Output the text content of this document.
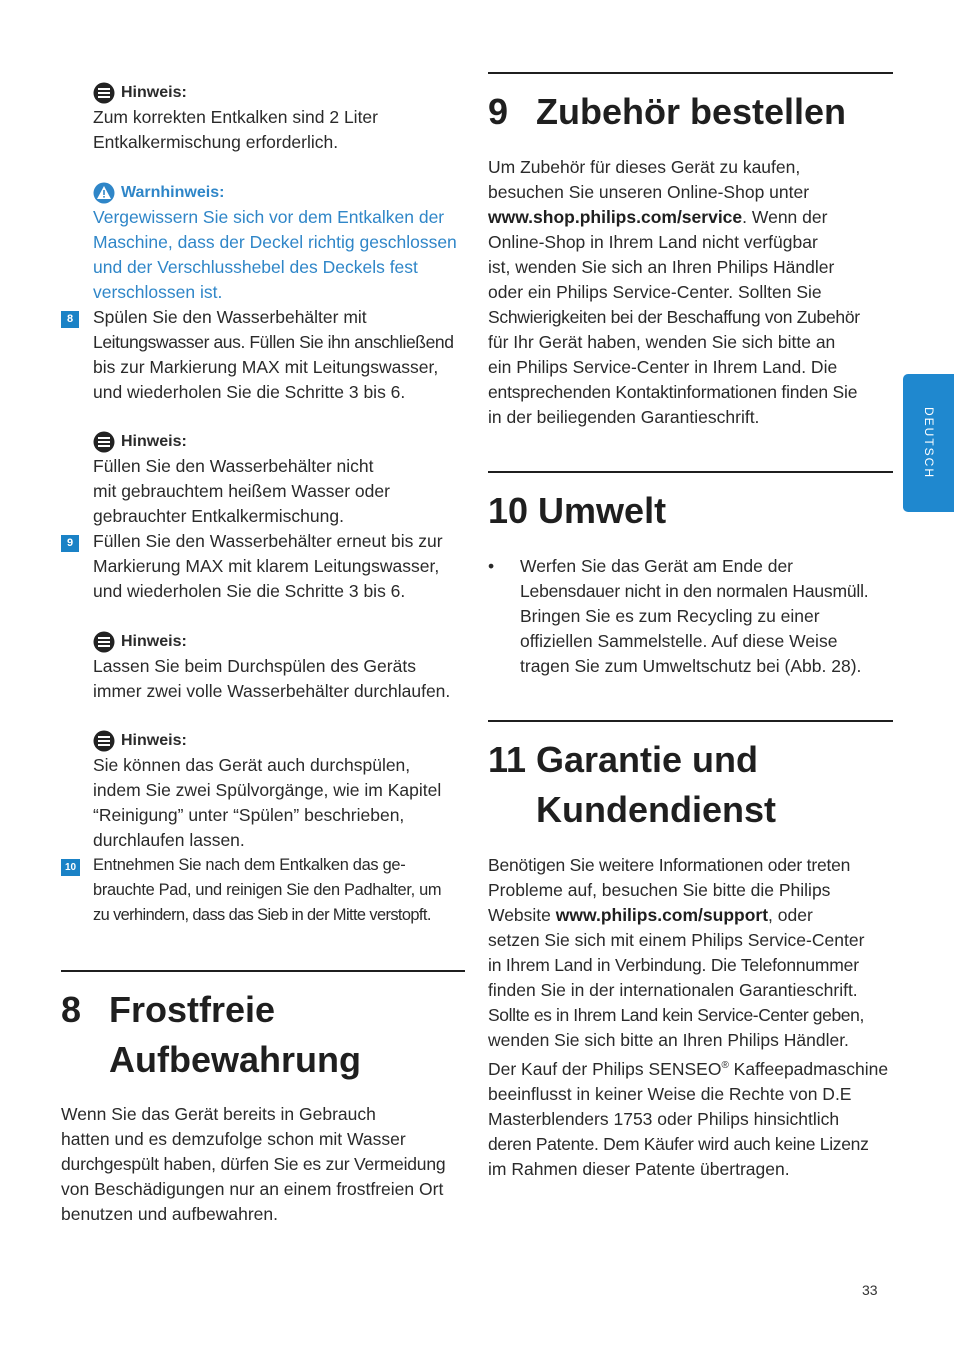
Hinweis:
Zum korrekten Entkalken sind 2 Liter
Entkalkermischung erforderlich.
Warnhinweis:
Vergewissern Sie sich vor dem Entkalken der
Maschine, dass der Deckel richtig geschlossen
und der Verschlusshebel des Deckels fest
verschlossen ist.
8	Spülen Sie den Wasserbehälter mit
Leitungswasser aus. Füllen Sie ihn anschließend
bis zur Markierung MAX mit Leitungswasser,
und wiederholen Sie die Schritte 3 bis 6.
Hinweis:
Füllen Sie den Wasserbehälter nicht
mit gebrauchtem heißem Wasser oder
gebrauchter Entkalkermischung.
9	Füllen Sie den Wasserbehälter erneut bis zur
Markierung MAX mit klarem Leitungswasser,
und wiederholen Sie die Schritte 3 bis 6.
Hinweis:
Lassen Sie beim Durchspülen des Geräts
immer zwei volle Wasserbehälter durchlaufen.
Hinweis:
Sie können das Gerät auch durchspülen,
indem Sie zwei Spülvorgänge, wie im Kapitel
“Reinigung” unter “Spülen” beschrieben,
durchlaufen lassen.
10 Entnehmen Sie nach dem Entkalken das ge-
brauchte Pad, und reinigen Sie den Padhalter, um
zu verhindern, dass das Sieb in der Mitte verstopft.
8 Frostfreie
Aufbewahrung
Wenn Sie das Gerät bereits in Gebrauch
hatten und es demzufolge schon mit Wasser
durchgespült haben, dürfen Sie es zur Vermeidung
von Beschädigungen nur an einem frostfreien Ort
benutzen und aufbewahren.
9 Zubehör bestellen
Um Zubehör für dieses Gerät zu kaufen,
besuchen Sie unseren Online-Shop unter
www.shop.philips.com/service. Wenn der
Online-Shop in Ihrem Land nicht verfügbar
ist, wenden Sie sich an Ihren Philips Händler
oder ein Philips Service-Center. Sollten Sie
Schwierigkeiten bei der Beschaffung von Zubehör
für Ihr Gerät haben, wenden Sie sich bitte an
ein Philips Service-Center in Ihrem Land. Die
entsprechenden Kontaktinformationen finden Sie
in der beiliegenden Garantieschrift.
10 Umwelt
• Werfen Sie das Gerät am Ende der
Lebensdauer nicht in den normalen Hausmüll.
Bringen Sie es zum Recycling zu einer
offiziellen Sammelstelle. Auf diese Weise
tragen Sie zum Umweltschutz bei (Abb. 28).
11 Garantie und
Kundendienst
Benötigen Sie weitere Informationen oder treten
Probleme auf, besuchen Sie bitte die Philips
Website www.philips.com/support, oder
setzen Sie sich mit einem Philips Service-Center
in Ihrem Land in Verbindung. Die Telefonnummer
finden Sie in der internationalen Garantieschrift.
Sollte es in Ihrem Land kein Service-Center geben,
wenden Sie sich bitte an Ihren Philips Händler.
Der Kauf der Philips SENSEO® Kaffeepadmaschine
beeinflusst in keiner Weise die Rechte von D.E
Masterblenders 1753 oder Philips hinsichtlich
deren Patente. Dem Käufer wird auch keine Lizenz
im Rahmen dieser Patente übertragen.
DEUTSCH
33
